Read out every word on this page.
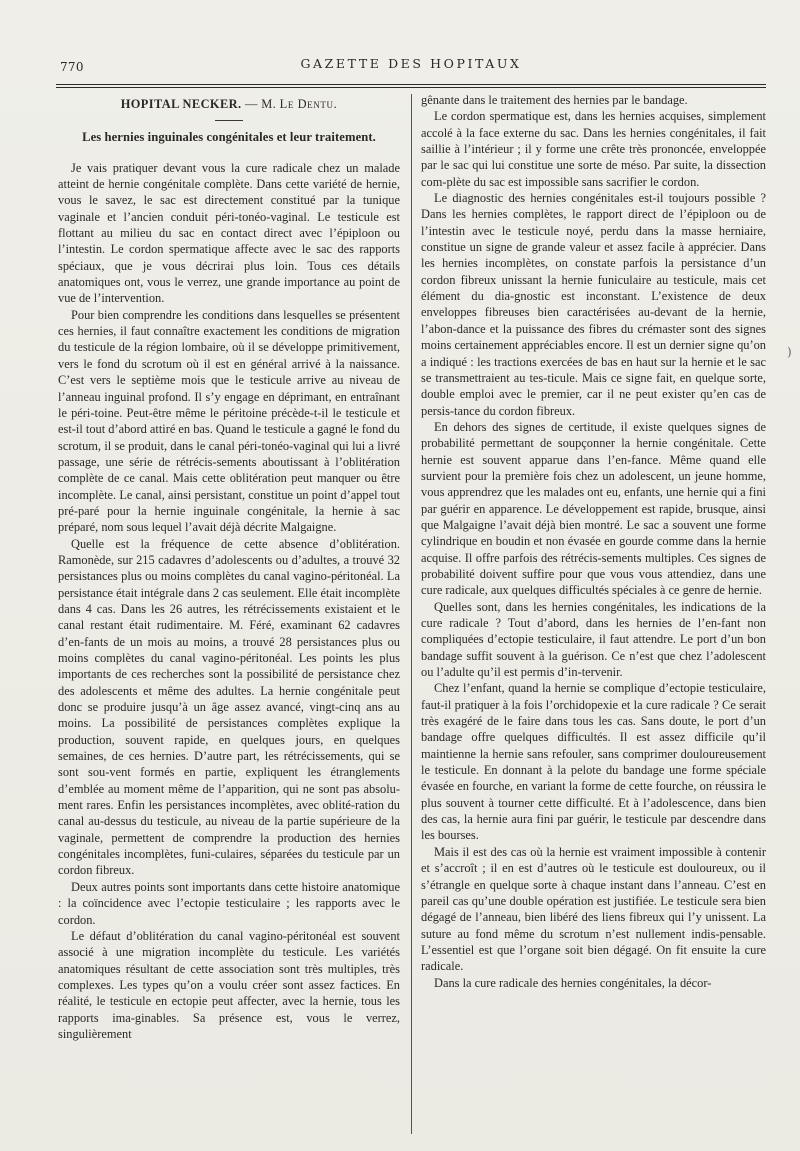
770	GAZETTE DES HOPITAUX
HOPITAL NECKER. — M. Le Dentu.
Les hernies inguinales congénitales et leur traitement.

Je vais pratiquer devant vous la cure radicale chez un malade atteint de hernie congénitale complète. Dans cette variété de hernie, vous le savez, le sac est directement constitué par la tunique vaginale et l’ancien conduit péri-tonéo-vaginal. Le testicule est flottant au milieu du sac en contact direct avec l’épiploon ou l’intestin. Le cordon spermatique affecte avec le sac des rapports spéciaux, que je vous décrirai plus loin. Tous ces détails anatomiques ont, vous le verrez, une grande importance au point de vue de l’intervention.

Pour bien comprendre les conditions dans lesquelles se présentent ces hernies, il faut connaître exactement les conditions de migration du testicule de la région lombaire, où il se développe primitivement, vers le fond du scrotum où il est en général arrivé à la naissance. C’est vers le septième mois que le testicule arrive au niveau de l’anneau inguinal profond. Il s’y engage en déprimant, en entraînant le péri-toine. Peut-être même le péritoine précède-t-il le testicule et est-il tout d’abord attiré en bas. Quand le testicule a gagné le fond du scrotum, il se produit, dans le canal péri-tonéo-vaginal qui lui a livré passage, une série de rétrécis-sements aboutissant à l’oblitération complète de ce canal. Mais cette oblitération peut manquer ou être incomplète. Le canal, ainsi persistant, constitue un point d’appel tout pré-paré pour la hernie inguinale congénitale, la hernie à sac préparé, nom sous lequel l’avait déjà décrite Malgaigne.

Quelle est la fréquence de cette absence d’oblitération. Ramonède, sur 215 cadavres d’adolescents ou d’adultes, a trouvé 32 persistances plus ou moins complètes du canal vagino-péritonéal. La persistance était intégrale dans 2 cas seulement. Elle était incomplète dans 4 cas. Dans les 26 autres, les rétrécissements existaient et le canal restant était rudimentaire. M. Féré, examinant 62 cadavres d’en-fants de un mois au moins, a trouvé 28 persistances plus ou moins complètes du canal vagino-péritonéal. Les points les plus importants de ces recherches sont la possibilité de persistance chez des adolescents et même des adultes. La hernie congénitale peut donc se produire jusqu’à un âge assez avancé, vingt-cinq ans au moins. La possibilité de persistances complètes explique la production, souvent rapide, en quelques jours, en quelques semaines, de ces hernies. D’autre part, les rétrécissements, qui se sont sou-vent formés en partie, expliquent les étranglements d’emblée au moment même de l’apparition, qui ne sont pas absolu-ment rares. Enfin les persistances incomplètes, avec oblité-ration du canal au-dessus du testicule, au niveau de la partie supérieure de la vaginale, permettent de comprendre la production des hernies congénitales incomplètes, funi-culaires, séparées du testicule par un cordon fibreux.

Deux autres points sont importants dans cette histoire anatomique : la coïncidence avec l’ectopie testiculaire ; les rapports avec le cordon.

Le défaut d’oblitération du canal vagino-péritonéal est souvent associé à une migration incomplète du testicule. Les variétés anatomiques résultant de cette association sont très multiples, très complexes. Les types qu’on a voulu créer sont assez factices. En réalité, le testicule en ectopie peut affecter, avec la hernie, tous les rapports ima-ginables. Sa présence est, vous le verrez, singulièrement

gênante dans le traitement des hernies par le bandage.

Le cordon spermatique est, dans les hernies acquises, simplement accolé à la face externe du sac. Dans les hernies congénitales, il fait saillie à l’intérieur ; il y forme une crête très prononcée, enveloppée par le sac qui lui constitue une sorte de méso. Par suite, la dissection com-plète du sac est impossible sans sacrifier le cordon.

Le diagnostic des hernies congénitales est-il toujours possible ? Dans les hernies complètes, le rapport direct de l’épiploon ou de l’intestin avec le testicule noyé, perdu dans la masse herniaire, constitue un signe de grande valeur et assez facile à apprécier. Dans les hernies incomplètes, on constate parfois la persistance d’un cordon fibreux unissant la hernie funiculaire au testicule, mais cet élément du dia-gnostic est inconstant. L’existence de deux enveloppes fibreuses bien caractérisées au-devant de la hernie, l’abon-dance et la puissance des fibres du crémaster sont des signes moins certainement appréciables encore. Il est un dernier signe qu’on a indiqué : les tractions exercées de bas en haut sur la hernie et le sac se transmettraient au tes-ticule. Mais ce signe fait, en quelque sorte, double emploi avec le premier, car il ne peut exister qu’en cas de persis-tance du cordon fibreux.

En dehors des signes de certitude, il existe quelques signes de probabilité permettant de soupçonner la hernie congénitale. Cette hernie est souvent apparue dans l’en-fance. Même quand elle survient pour la première fois chez un adolescent, un jeune homme, vous apprendrez que les malades ont eu, enfants, une hernie qui a fini par guérir en apparence. Le développement est rapide, brusque, ainsi que Malgaigne l’avait déjà bien montré. Le sac a souvent une forme cylindrique en boudin et non évasée en gourde comme dans la hernie acquise. Il offre parfois des rétrécis-sements multiples. Ces signes de probabilité doivent suffire pour que vous vous attendiez, dans une cure radicale, aux quelques difficultés spéciales à ce genre de hernie.

Quelles sont, dans les hernies congénitales, les indications de la cure radicale ? Tout d’abord, dans les hernies de l’en-fant non compliquées d’ectopie testiculaire, il faut attendre. Le port d’un bon bandage suffit souvent à la guérison. Ce n’est que chez l’adolescent ou l’adulte qu’il est permis d’in-tervenir.

Chez l’enfant, quand la hernie se complique d’ectopie testiculaire, faut-il pratiquer à la fois l’orchidopexie et la cure radicale ? Ce serait très exagéré de le faire dans tous les cas. Sans doute, le port d’un bandage offre quelques difficultés. Il est assez difficile qu’il maintienne la hernie sans refouler, sans comprimer douloureusement le testicule. En donnant à la pelote du bandage une forme spéciale évasée en fourche, en variant la forme de cette fourche, on réussira le plus souvent à tourner cette difficulté. Et à l’adolescence, dans bien des cas, la hernie aura fini par guérir, le testicule par descendre dans les bourses.

Mais il est des cas où la hernie est vraiment impossible à contenir et s’accroît ; il en est d’autres où le testicule est douloureux, ou il s’étrangle en quelque sorte à chaque instant dans l’anneau. C’est en pareil cas qu’une double opération est justifiée. Le testicule sera bien dégagé de l’anneau, bien libéré des liens fibreux qui l’y unissent. La suture au fond même du scrotum n’est nullement indis-pensable. L’essentiel est que l’organe soit bien dégagé. On fit ensuite la cure radicale.

Dans la cure radicale des hernies congénitales, la décor-

)
